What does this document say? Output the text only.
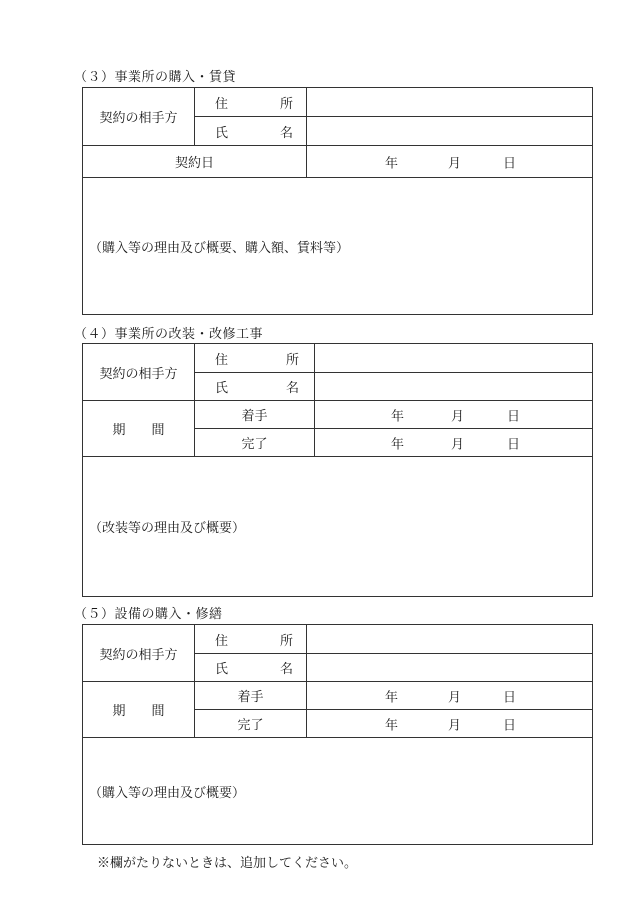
（３）事業所の購入・賃貸
契約の相手方	住 所	
	氏 名	
契約日		年 月 日

（購入等の理由及び概要、購入額、賃料等）		
（４）事業所の改装・改修工事
契約の相手方	住 所	
	氏 名	
期 間	着手	年 月 日

	完了	年 月 日

（改装等の理由及び概要）		
（５）設備の購入・修繕
契約の相手方	住 所	
	氏 名	
期 間	着手	年 月 日

	完了	年 月 日

（購入等の理由及び概要）		
※欄がたりないときは、追加してください。
